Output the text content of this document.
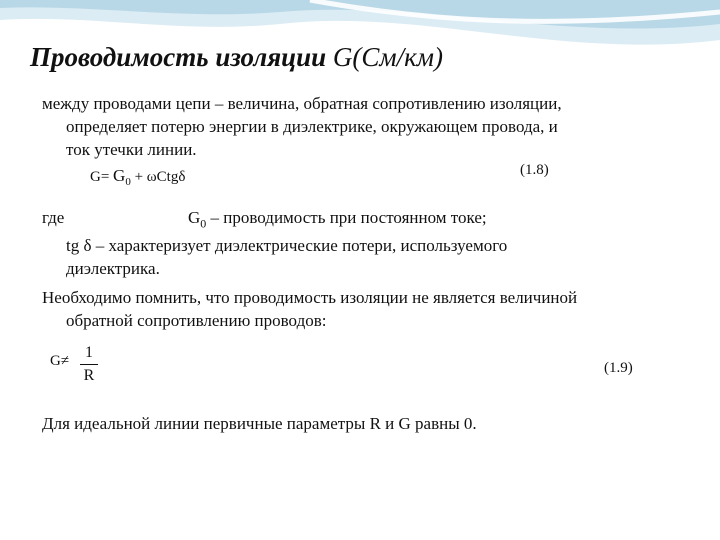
Проводимость изоляции G(См/км)

между проводами цепи – величина, обратная сопротивлению изоляции,

определяет потерю энергии в диэлектрике, окружающем провода, и

ток утечки линии.

$G= G_0 + \omega Ctg\delta$	(1.8)

где	$G_0$ – проводимость при постоянном токе;

tg δ – характеризует диэлектрические потери, используемого

диэлектрика.

Необходимо помнить, что проводимость изоляции не является величиной

обратной сопротивлению проводов:

G≠ 1
R	(1.9)

Для идеальной линии первичные параметры R и G равны 0.
